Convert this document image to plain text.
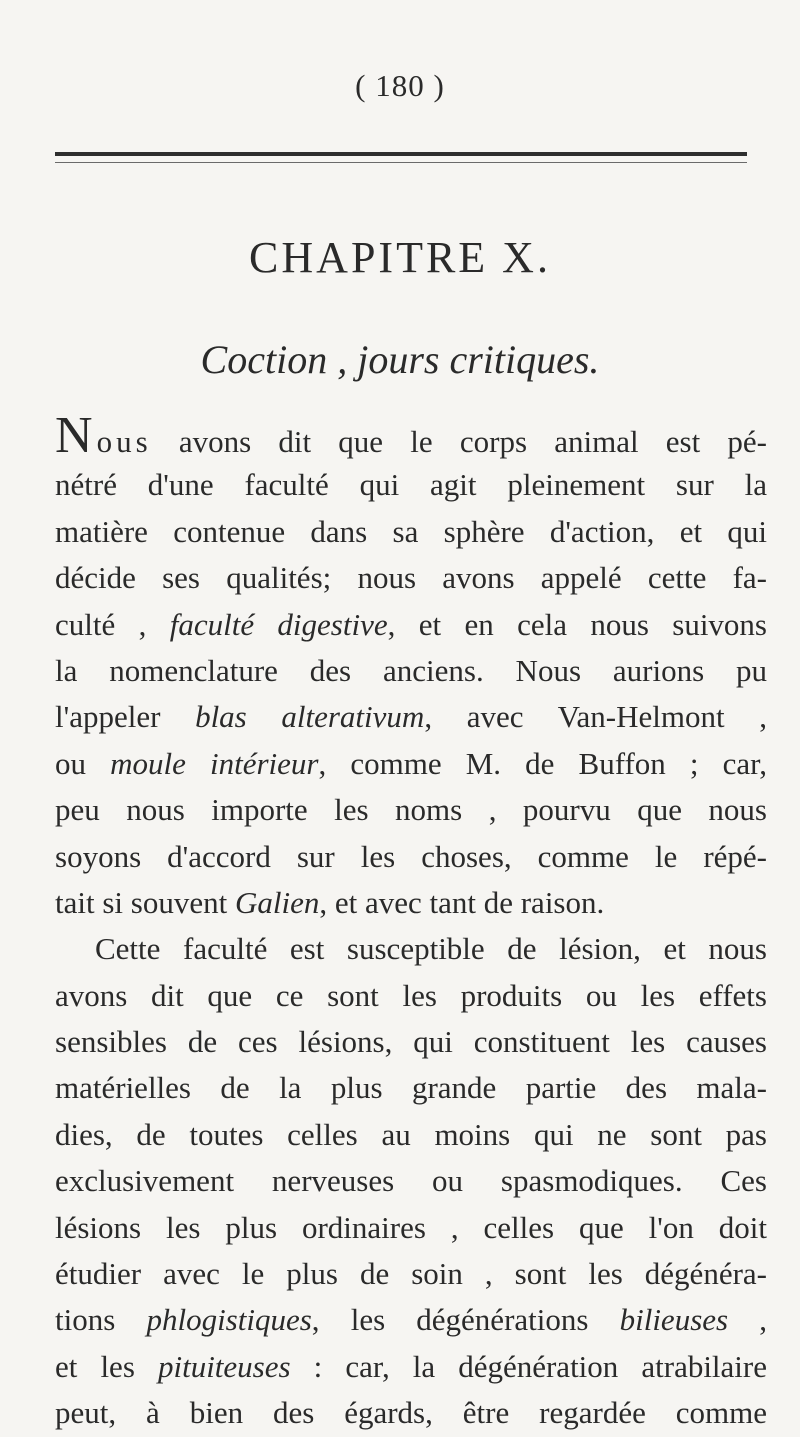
( 180 )
CHAPITRE X.
Coction , jours critiques.
Nous avons dit que le corps animal est pé-
nétré d'une faculté qui agit pleinement sur la
matière contenue dans sa sphère d'action, et qui
décide ses qualités; nous avons appelé cette fa-
culté , faculté digestive, et en cela nous suivons
la nomenclature des anciens. Nous aurions pu
l'appeler blas alterativum, avec Van-Helmont ,
ou moule intérieur, comme M. de Buffon ; car,
peu nous importe les noms , pourvu que nous
soyons d'accord sur les choses, comme le répé-
tait si souvent Galien, et avec tant de raison.
Cette faculté est susceptible de lésion, et nous
avons dit que ce sont les produits ou les effets
sensibles de ces lésions, qui constituent les causes
matérielles de la plus grande partie des mala-
dies, de toutes celles au moins qui ne sont pas
exclusivement nerveuses ou spasmodiques. Ces
lésions les plus ordinaires , celles que l'on doit
étudier avec le plus de soin , sont les dégénéra-
tions phlogistiques, les dégénérations bilieuses ,
et les pituiteuses : car, la dégénération atrabilaire
peut, à bien des égards, être regardée comme
